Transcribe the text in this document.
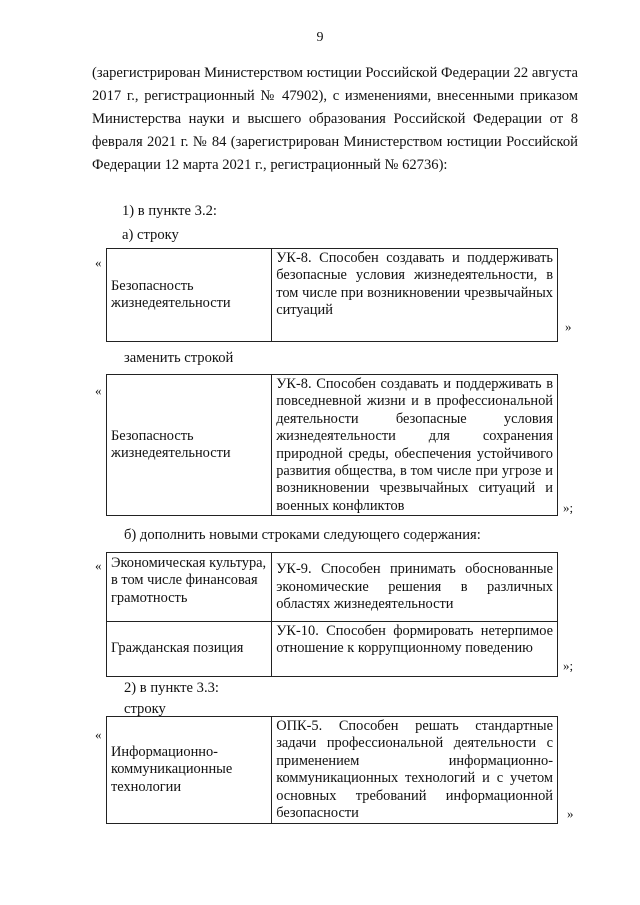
9
(зарегистрирован Министерством юстиции Российской Федерации 22 августа 2017 г., регистрационный № 47902), с изменениями, внесенными приказом Министерства науки и высшего образования Российской Федерации от 8 февраля 2021 г. № 84 (зарегистрирован Министерством юстиции Российской Федерации 12 марта 2021 г., регистрационный № 62736):
1) в пункте 3.2:
а) строку
«
Безопасность жизнедеятельности	УК-8. Способен создавать и поддерживать безопасные условия жизнедеятельности, в том числе при возникновении чрезвычайных ситуаций
»
заменить строкой
«
Безопасность жизнедеятельности	УК-8. Способен создавать и поддерживать в повседневной жизни и в профессиональной деятельности безопасные условия жизнедеятельности для сохранения природной среды, обеспечения устойчивого развития общества, в том числе при угрозе и возникновении чрезвычайных ситуаций и военных конфликтов	»;
б) дополнить новыми строками следующего содержания:
« Экономическая культура, в том числе финансовая грамотность	УК-9. Способен принимать обоснованные экономические решения в различных областях жизнедеятельности
Гражданская позиция	УК-10. Способен формировать нетерпимое отношение к коррупционному поведению
»;
2) в пункте 3.3:
строку
«
Информационно-коммуникационные технологии	ОПК-5. Способен решать стандартные задачи профессиональной деятельности с применением информационно-коммуникационных технологий и с учетом основных требований информационной безопасности	»
